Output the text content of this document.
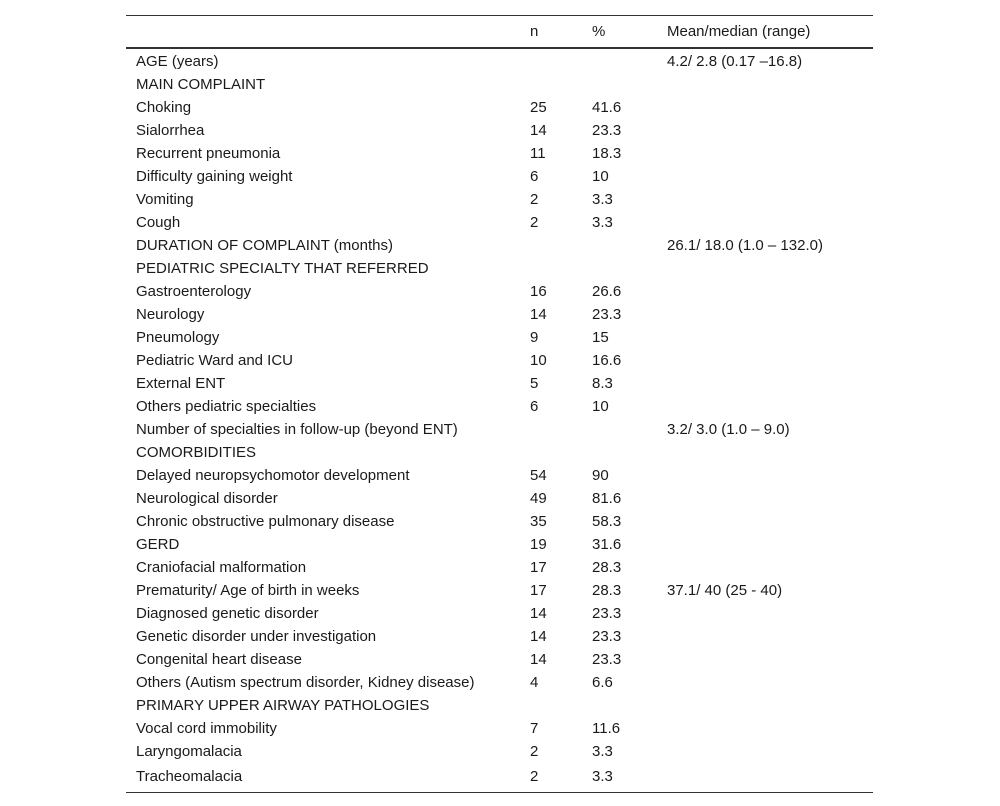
	n	%	Mean/median (range)
AGE (years)			4.2/ 2.8 (0.17 –16.8)
MAIN COMPLAINT			
Choking	25	41.6	
Sialorrhea	14	23.3	
Recurrent pneumonia	11	18.3	
Difficulty gaining weight	6	10	
Vomiting	2	3.3	
Cough	2	3.3	
DURATION OF COMPLAINT (months)			26.1/ 18.0 (1.0 – 132.0)
PEDIATRIC SPECIALTY THAT REFERRED			
Gastroenterology	16	26.6	
Neurology	14	23.3	
Pneumology	9	15	
Pediatric Ward and ICU	10	16.6	
External ENT	5	8.3	
Others pediatric specialties	6	10	
Number of specialties in follow-up (beyond ENT)			3.2/ 3.0 (1.0 – 9.0)
COMORBIDITIES			
Delayed neuropsychomotor development	54	90	
Neurological disorder	49	81.6	
Chronic obstructive pulmonary disease	35	58.3	
GERD	19	31.6	
Craniofacial malformation	17	28.3	
Prematurity/ Age of birth in weeks	17	28.3	37.1/ 40 (25 - 40)
Diagnosed genetic disorder	14	23.3	
Genetic disorder under investigation	14	23.3	
Congenital heart disease	14	23.3	
Others (Autism spectrum disorder, Kidney disease)	4	6.6	
PRIMARY UPPER AIRWAY PATHOLOGIES			
Vocal cord immobility	7	11.6	
Laryngomalacia	2	3.3	
Tracheomalacia	2	3.3	
